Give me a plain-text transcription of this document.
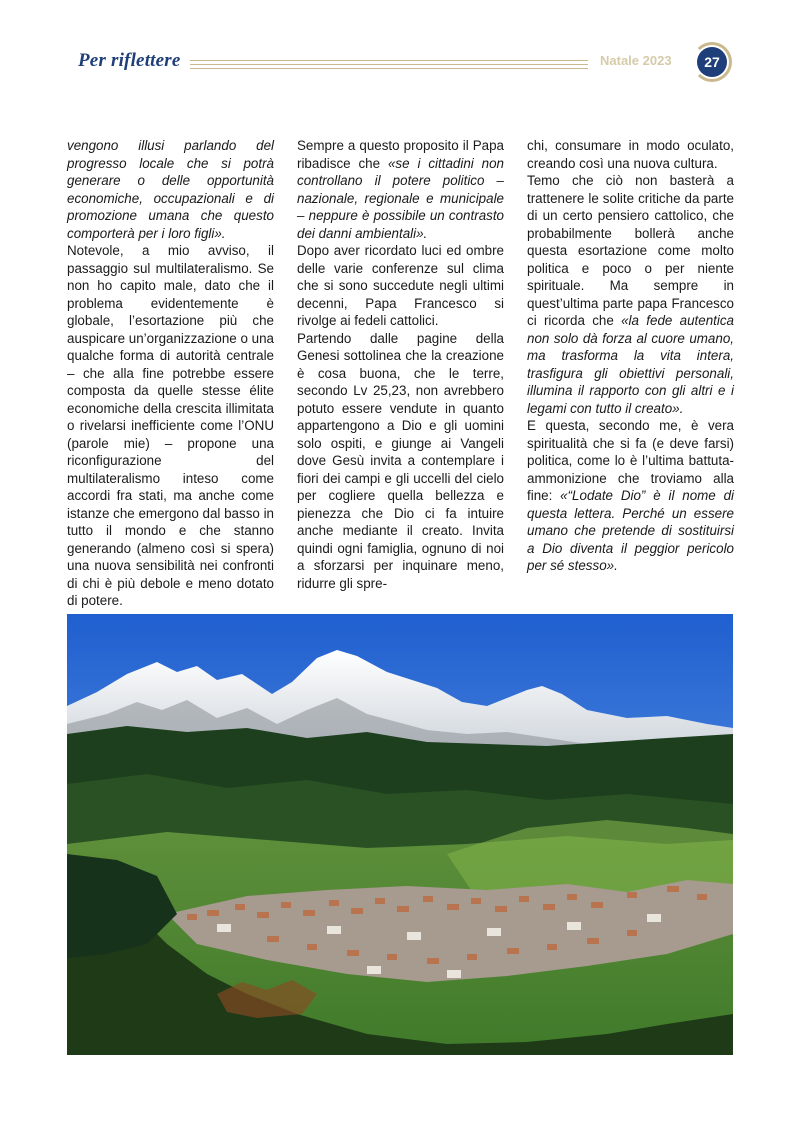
Per riflettere	Natale 2023	27

vengono illusi parlando del progresso locale che si potrà generare o delle opportunità economiche, occupazionali e di promozione umana che questo comporterà per i loro figli».

Notevole, a mio avviso, il passaggio sul multilateralismo. Se non ho capito male, dato che il problema evidentemente è globale, l’esortazione più che auspicare un’organizzazione o una qualche forma di autorità centrale – che alla fine potrebbe essere composta da quelle stesse élite economiche della crescita illimitata o rivelarsi inefficiente come l’ONU (parole mie) – propone una riconfigurazione del multilateralismo inteso come accordi fra stati, ma anche come istanze che emergono dal basso in tutto il mondo e che stanno generando (almeno così si spera) una nuova sensibilità nei confronti di chi è più debole e meno dotato di potere.

Sempre a questo proposito il Papa ribadisce che «se i cittadini non controllano il potere politico – nazionale, regionale e municipale – neppure è possibile un contrasto dei danni ambientali».

Dopo aver ricordato luci ed ombre delle varie conferenze sul clima che si sono succedute negli ultimi decenni, Papa Francesco si rivolge ai fedeli cattolici.

Partendo dalle pagine della Genesi sottolinea che la creazione è cosa buona, che le terre, secondo Lv 25,23, non avrebbero potuto essere vendute in quanto appartengono a Dio e gli uomini solo ospiti, e giunge ai Vangeli dove Gesù invita a contemplare i fiori dei campi e gli uccelli del cielo per cogliere quella bellezza e pienezza che Dio ci fa intuire anche mediante il creato. Invita quindi ogni famiglia, ognuno di noi a sforzarsi per inquinare meno, ridurre gli spre-

chi, consumare in modo oculato, creando così una nuova cultura.

Temo che ciò non basterà a trattenere le solite critiche da parte di un certo pensiero cattolico, che probabilmente bollerà anche questa esortazione come molto politica e poco o per niente spirituale. Ma sempre in quest’ultima parte papa Francesco ci ricorda che «la fede autentica non solo dà forza al cuore umano, ma trasforma la vita intera, trasfigura gli obiettivi personali, illumina il rapporto con gli altri e i legami con tutto il creato».

E questa, secondo me, è vera spiritualità che si fa (e deve farsi) politica, come lo è l’ultima battuta-ammonizione che troviamo alla fine: «“Lodate Dio” è il nome di questa lettera. Perché un essere umano che pretende di sostituirsi a Dio diventa il peggior pericolo per sé stesso».
